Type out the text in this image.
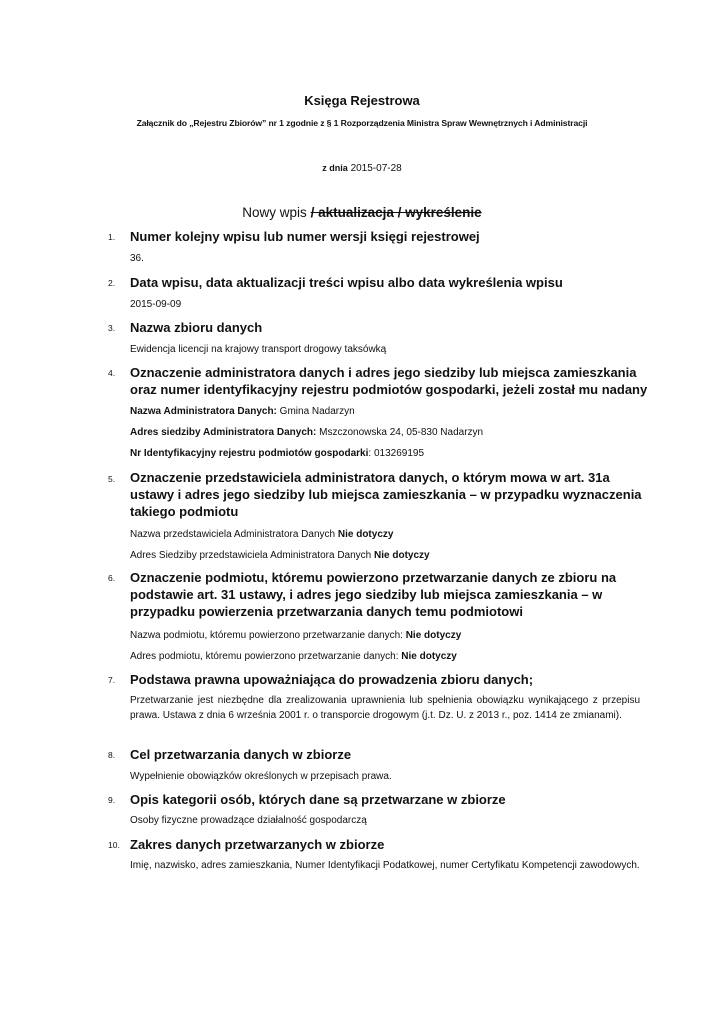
Księga Rejestrowa
Załącznik do „Rejestru Zbiorów” nr 1 zgodnie z § 1 Rozporządzenia Ministra Spraw Wewnętrznych i Administracji
z dnia 2015-07-28
Nowy wpis / aktualizacja / wykreślenie
1. Numer kolejny wpisu lub numer wersji księgi rejestrowej
36.
2. Data wpisu, data aktualizacji treści wpisu albo data wykreślenia wpisu
2015-09-09
3. Nazwa zbioru danych
Ewidencja licencji na krajowy transport drogowy taksówką
4. Oznaczenie administratora danych i adres jego siedziby lub miejsca zamieszkania
oraz numer identyfikacyjny rejestru podmiotów gospodarki, jeżeli został mu nadany
Nazwa Administratora Danych: Gmina Nadarzyn
Adres siedziby Administratora Danych: Mszczonowska 24, 05-830 Nadarzyn
Nr Identyfikacyjny rejestru podmiotów gospodarki: 013269195
5. Oznaczenie przedstawiciela administratora danych, o którym mowa w art. 31a
ustawy i adres jego siedziby lub miejsca zamieszkania – w przypadku wyznaczenia
takiego podmiotu
Nazwa przedstawiciela Administratora Danych Nie dotyczy
Adres Siedziby przedstawiciela Administratora Danych Nie dotyczy
6. Oznaczenie podmiotu, któremu powierzono przetwarzanie danych ze zbioru na
podstawie art. 31 ustawy, i adres jego siedziby lub miejsca zamieszkania – w
przypadku powierzenia przetwarzania danych temu podmiotowi
Nazwa podmiotu, któremu powierzono przetwarzanie danych: Nie dotyczy
Adres podmiotu, któremu powierzono przetwarzanie danych: Nie dotyczy
7. Podstawa prawna upoważniająca do prowadzenia zbioru danych;
Przetwarzanie jest niezbędne dla zrealizowania uprawnienia lub spełnienia obowiązku wynikającego z przepisu prawa. Ustawa z dnia 6 września 2001 r. o transporcie drogowym (j.t. Dz. U. z 2013 r., poz. 1414 ze zmianami).
8. Cel przetwarzania danych w zbiorze
Wypełnienie obowiązków określonych w przepisach prawa.
9. Opis kategorii osób, których dane są przetwarzane w zbiorze
Osoby fizyczne prowadzące działalność gospodarczą
10. Zakres danych przetwarzanych w zbiorze
Imię, nazwisko, adres zamieszkania, Numer Identyfikacji Podatkowej, numer Certyfikatu Kompetencji zawodowych.
